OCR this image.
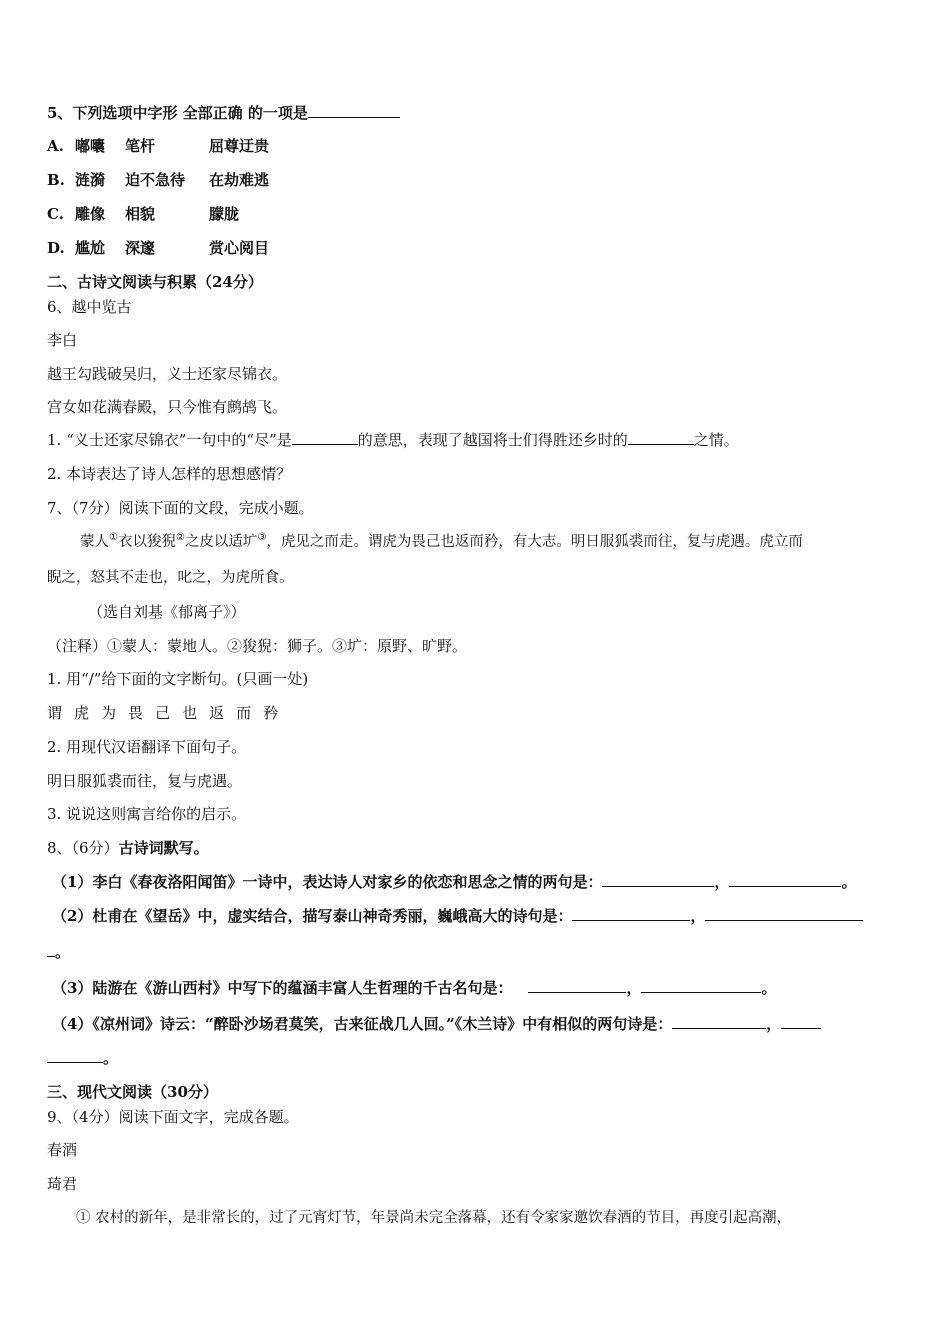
5、下列选项中字形 全部正确 的一项是
A. 嘟囔 笔杆	屈尊迂贵
B. 涟漪 迫不急待 在劫难逃
C. 雕像 相貌	朦胧
D. 尴尬 深邃	赏心阅目
二、古诗文阅读与积累（24分）
6、越中览古
李白
越王勾践破吴归，义士还家尽锦衣。
宫女如花满春殿，只今惟有鹧鸪飞。
1. “义士还家尽锦衣”一句中的“尽”是	的意思，表现了越国将士们得胜还乡时的	之情。
2. 本诗表达了诗人怎样的思想感情？
7、（7分）阅读下面的文段，完成小题。
蒙人①衣以狻猊②之皮以适圹③，虎见之而走。谓虎为畏己也返而矜，有大志。明日服狐裘而往，复与虎遇。虎立而
睨之，怒其不走也，叱之，为虎所食。
（选自刘基《郁离子》）
（注释）①蒙人：蒙地人。②狻猊：狮子。③圹：原野、旷野。
1. 用“/”给下面的文字断句。(只画一处)
谓 虎 为 畏 己 也 返 而 矜
2. 用现代汉语翻译下面句子。
明日服狐裘而往，复与虎遇。
3. 说说这则寓言给你的启示。
8、（6分）古诗词默写。
（1）李白《春夜洛阳闻笛》一诗中，表达诗人对家乡的依恋和思念之情的两句是：	，	。
（2）杜甫在《望岳》中，虚实结合，描写泰山神奇秀丽，巍峨高大的诗句是：	，
。
（3）陆游在《游山西村》中写下的蕴涵丰富人生哲理的千古名句是：	，	。
（4）《凉州词》诗云：“醉卧沙场君莫笑，古来征战几人回。”《木兰诗》中有相似的两句诗是：	，
。
三、现代文阅读（30分）
9、（4分）阅读下面文字，完成各题。
春酒
琦君
① 农村的新年，是非常长的，过了元宵灯节，年景尚未完全落幕，还有令家家邀饮春酒的节目，再度引起高潮，
